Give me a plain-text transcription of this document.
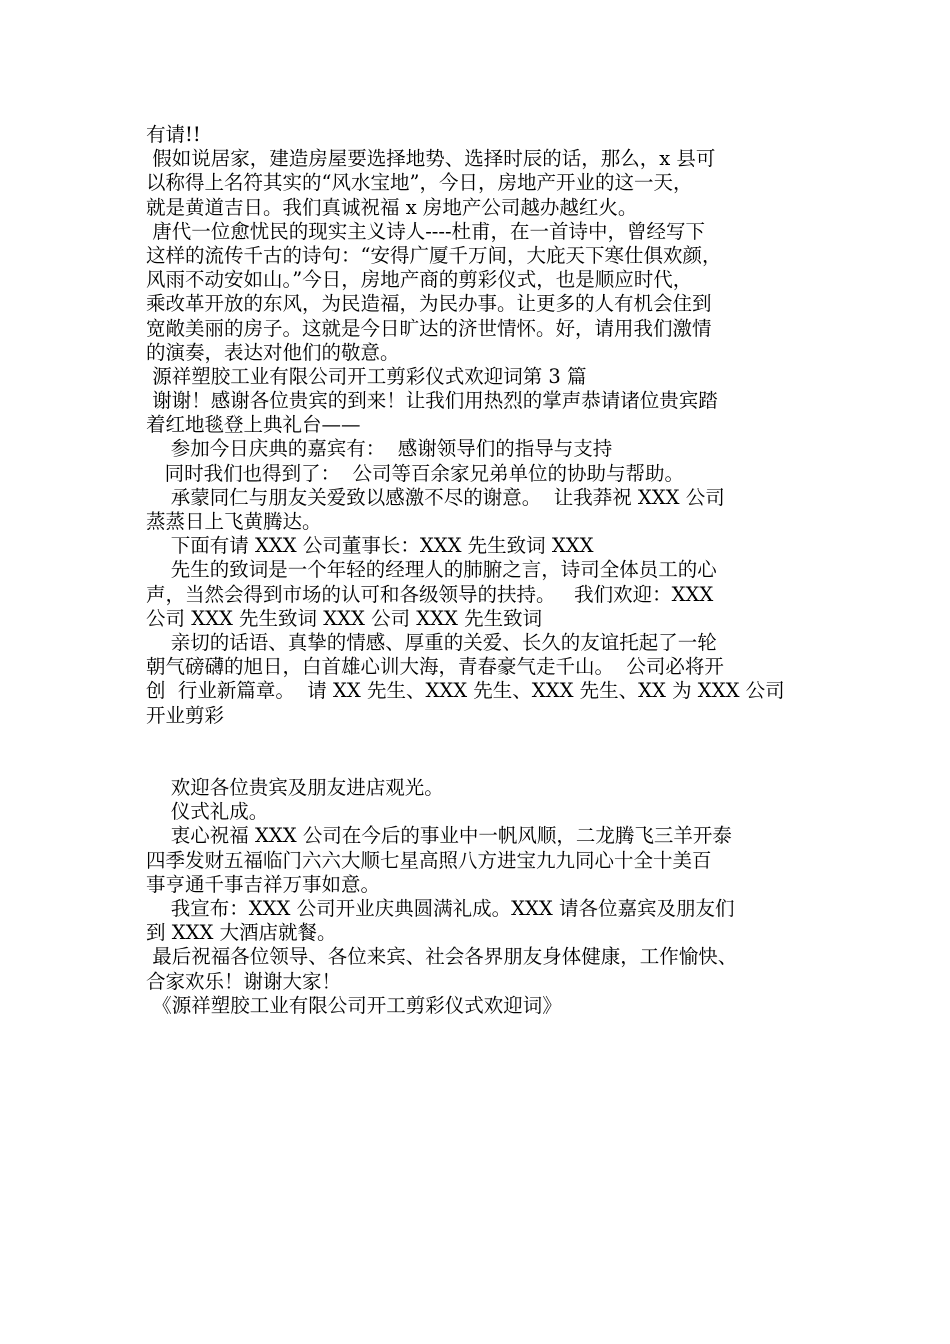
有请!!
假如说居家，建造房屋要选择地势、选择时辰的话，那么，x 县可
以称得上名符其实的“风水宝地”，今日，房地产开业的这一天，
就是黄道吉日。我们真诚祝福 x 房地产公司越办越红火。
唐代一位愈忧民的现实主义诗人----杜甫，在一首诗中，曾经写下
这样的流传千古的诗句：“安得广厦千万间，大庇天下寒仕俱欢颜，
风雨不动安如山。”今日，房地产商的剪彩仪式，也是顺应时代，
乘改革开放的东风，为民造福，为民办事。让更多的人有机会住到
宽敞美丽的房子。这就是今日旷达的济世情怀。好，请用我们激情
的演奏，表达对他们的敬意。
源祥塑胶工业有限公司开工剪彩仪式欢迎词第 3 篇
谢谢！感谢各位贵宾的到来！让我们用热烈的掌声恭请诸位贵宾踏
着红地毯登上典礼台——
参加今日庆典的嘉宾有：  感谢领导们的指导与支持
同时我们也得到了：  公司等百余家兄弟单位的协助与帮助。
承蒙同仁与朋友关爱致以感激不尽的谢意。  让我莽祝 XXX 公司
蒸蒸日上飞黄腾达。
下面有请 XXX 公司董事长：XXX 先生致词 XXX
先生的致词是一个年轻的经理人的肺腑之言，诗司全体员工的心
声，当然会得到市场的认可和各级领导的扶持。   我们欢迎：XXX
公司 XXX 先生致词 XXX 公司 XXX 先生致词
亲切的话语、真挚的情感、厚重的关爱、长久的友谊托起了一轮
朝气磅礴的旭日，白首雄心训大海，青春豪气走千山。  公司必将开
创  行业新篇章。  请 XX 先生、XXX 先生、XXX 先生、XX 为 XXX 公司
开业剪彩
欢迎各位贵宾及朋友进店观光。
仪式礼成。
衷心祝福 XXX 公司在今后的事业中一帆风顺，二龙腾飞三羊开泰
四季发财五福临门六六大顺七星高照八方进宝九九同心十全十美百
事亨通千事吉祥万事如意。
我宣布：XXX 公司开业庆典圆满礼成。XXX 请各位嘉宾及朋友们
到 XXX 大酒店就餐。
最后祝福各位领导、各位来宾、社会各界朋友身体健康，工作愉快、
合家欢乐！谢谢大家！
《源祥塑胶工业有限公司开工剪彩仪式欢迎词》
